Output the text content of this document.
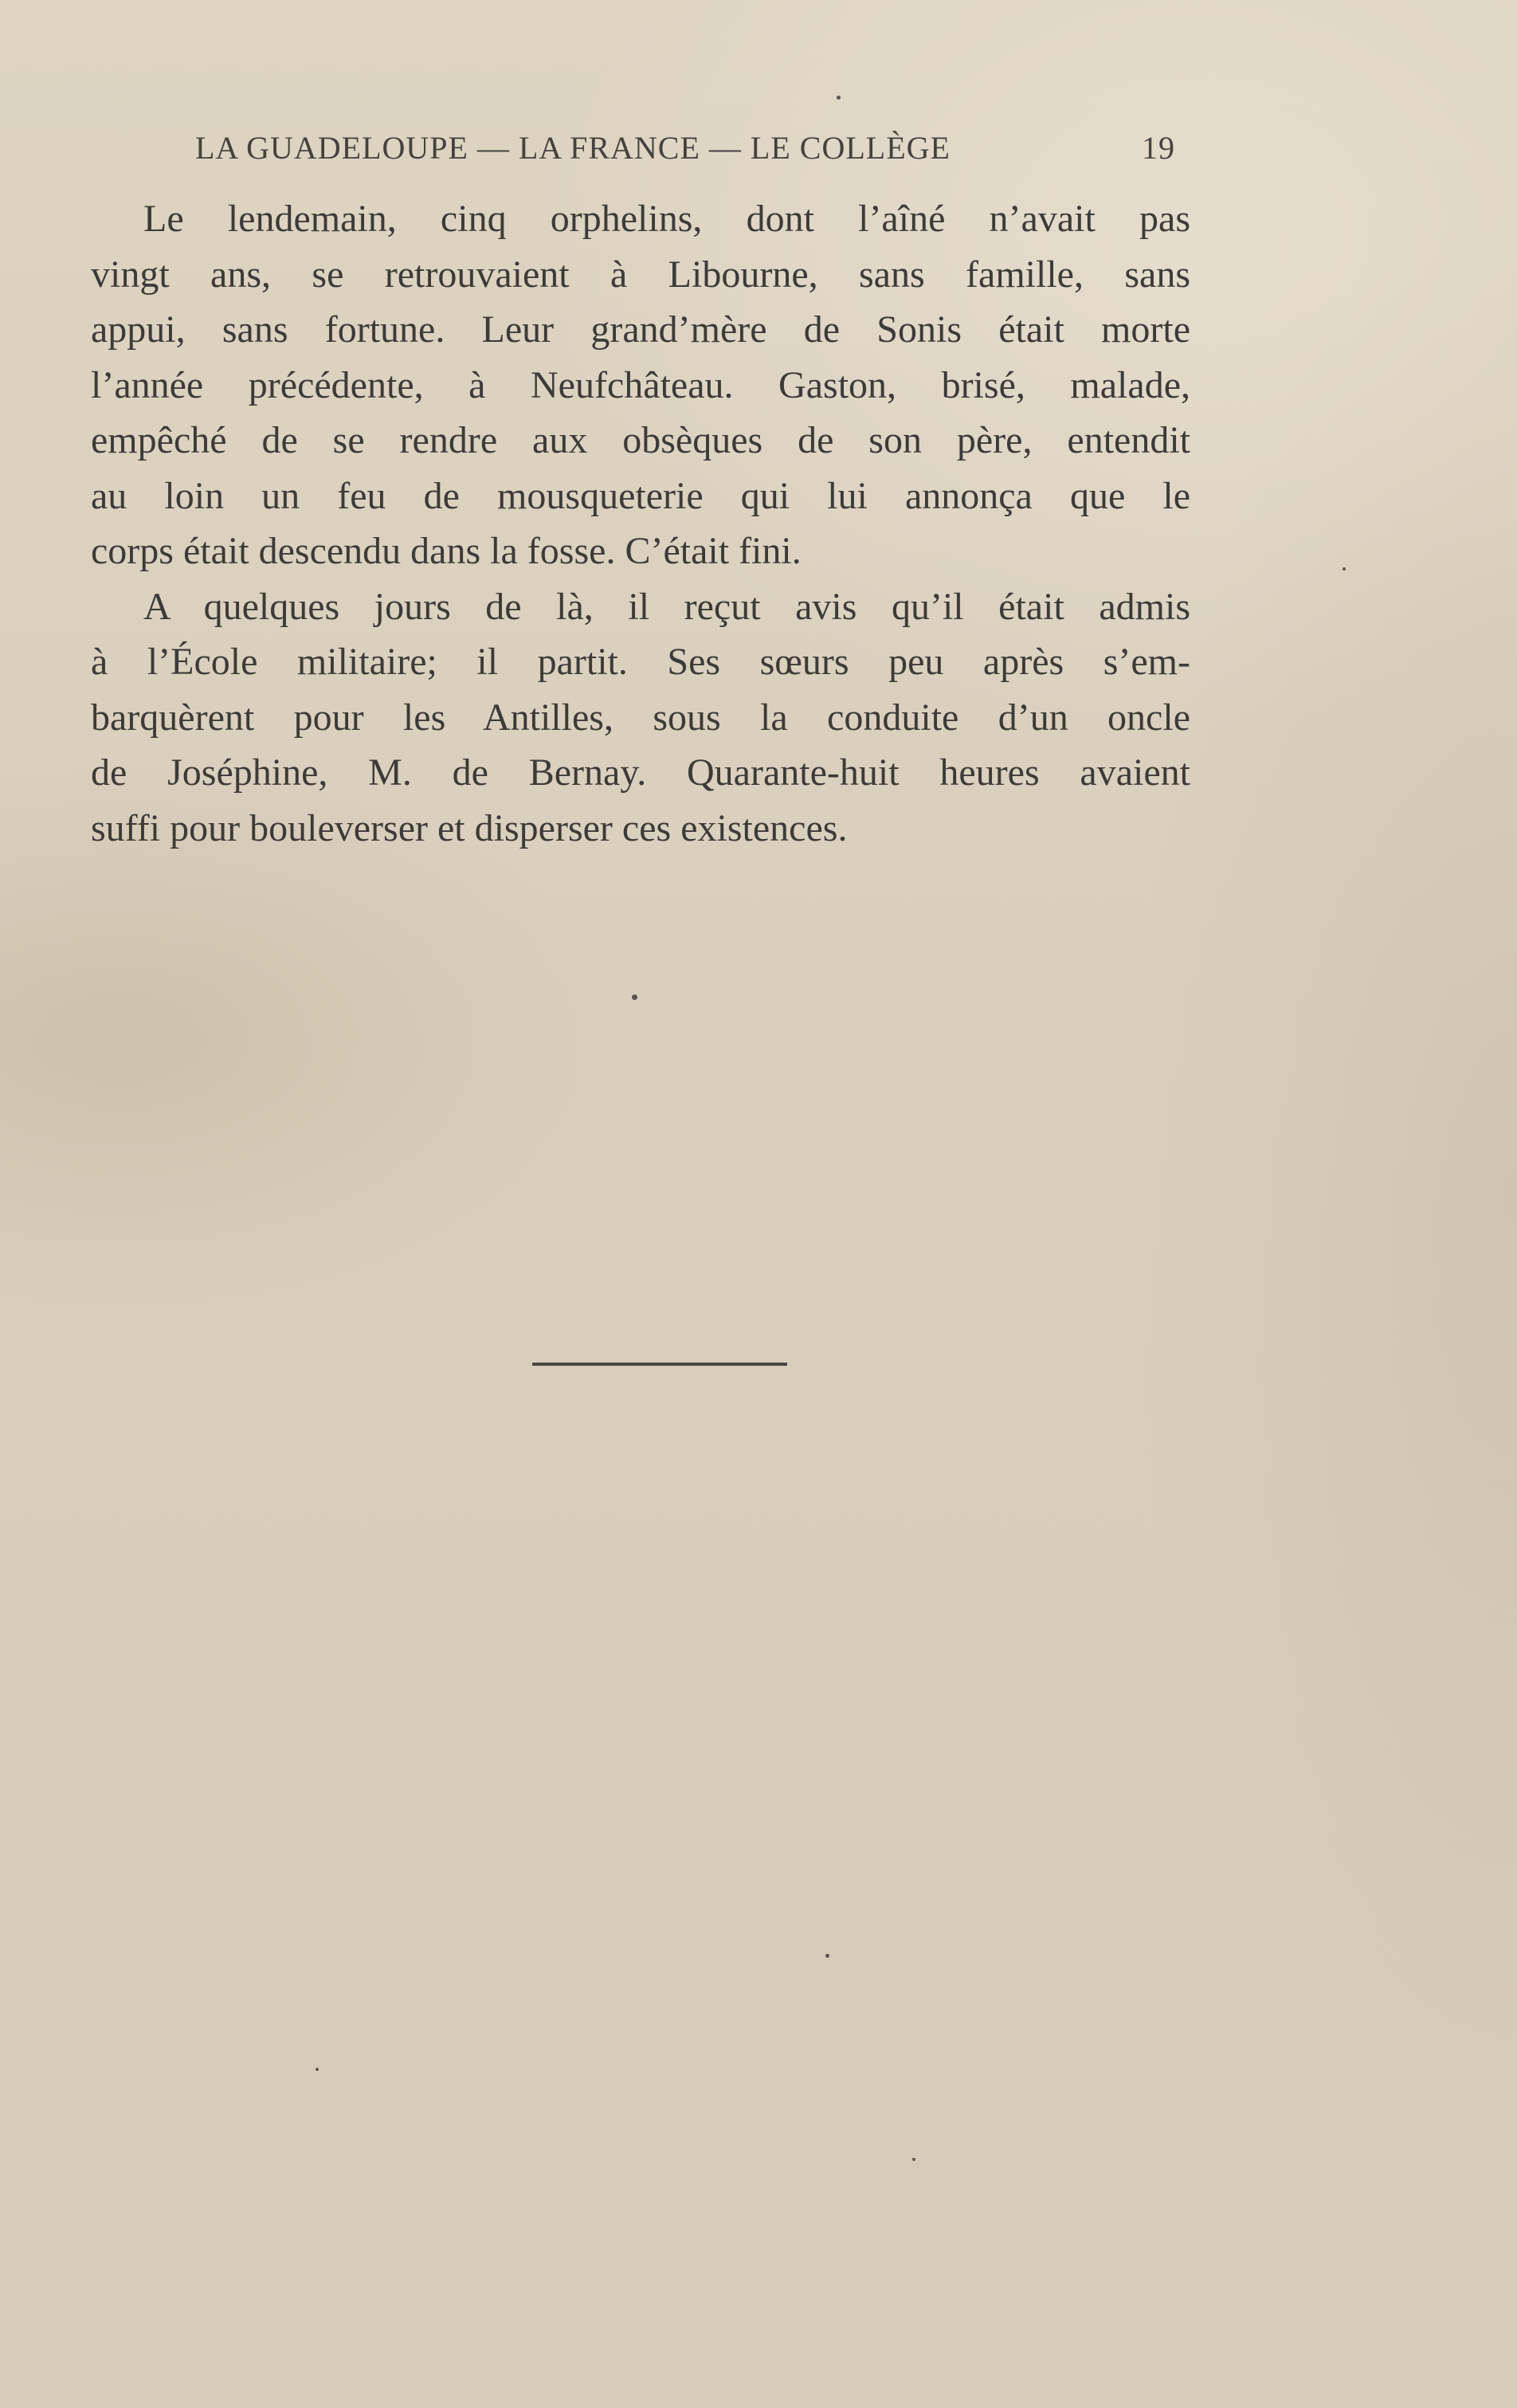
LA GUADELOUPE — LA FRANCE — LE COLLÈGE	19

Le lendemain, cinq orphelins, dont l’aîné n’avait pas

vingt ans, se retrouvaient à Libourne, sans famille, sans

appui, sans fortune. Leur grand’mère de Sonis était morte

l’année précédente, à Neufchâteau. Gaston, brisé, malade,

empêché de se rendre aux obsèques de son père, entendit

au loin un feu de mousqueterie qui lui annonça que le

corps était descendu dans la fosse. C’était fini.

A quelques jours de là, il reçut avis qu’il était admis

à l’École militaire; il partit. Ses sœurs peu après s’em-

barquèrent pour les Antilles, sous la conduite d’un oncle

de Joséphine, M. de Bernay. Quarante-huit heures avaient

suffi pour bouleverser et disperser ces existences.
